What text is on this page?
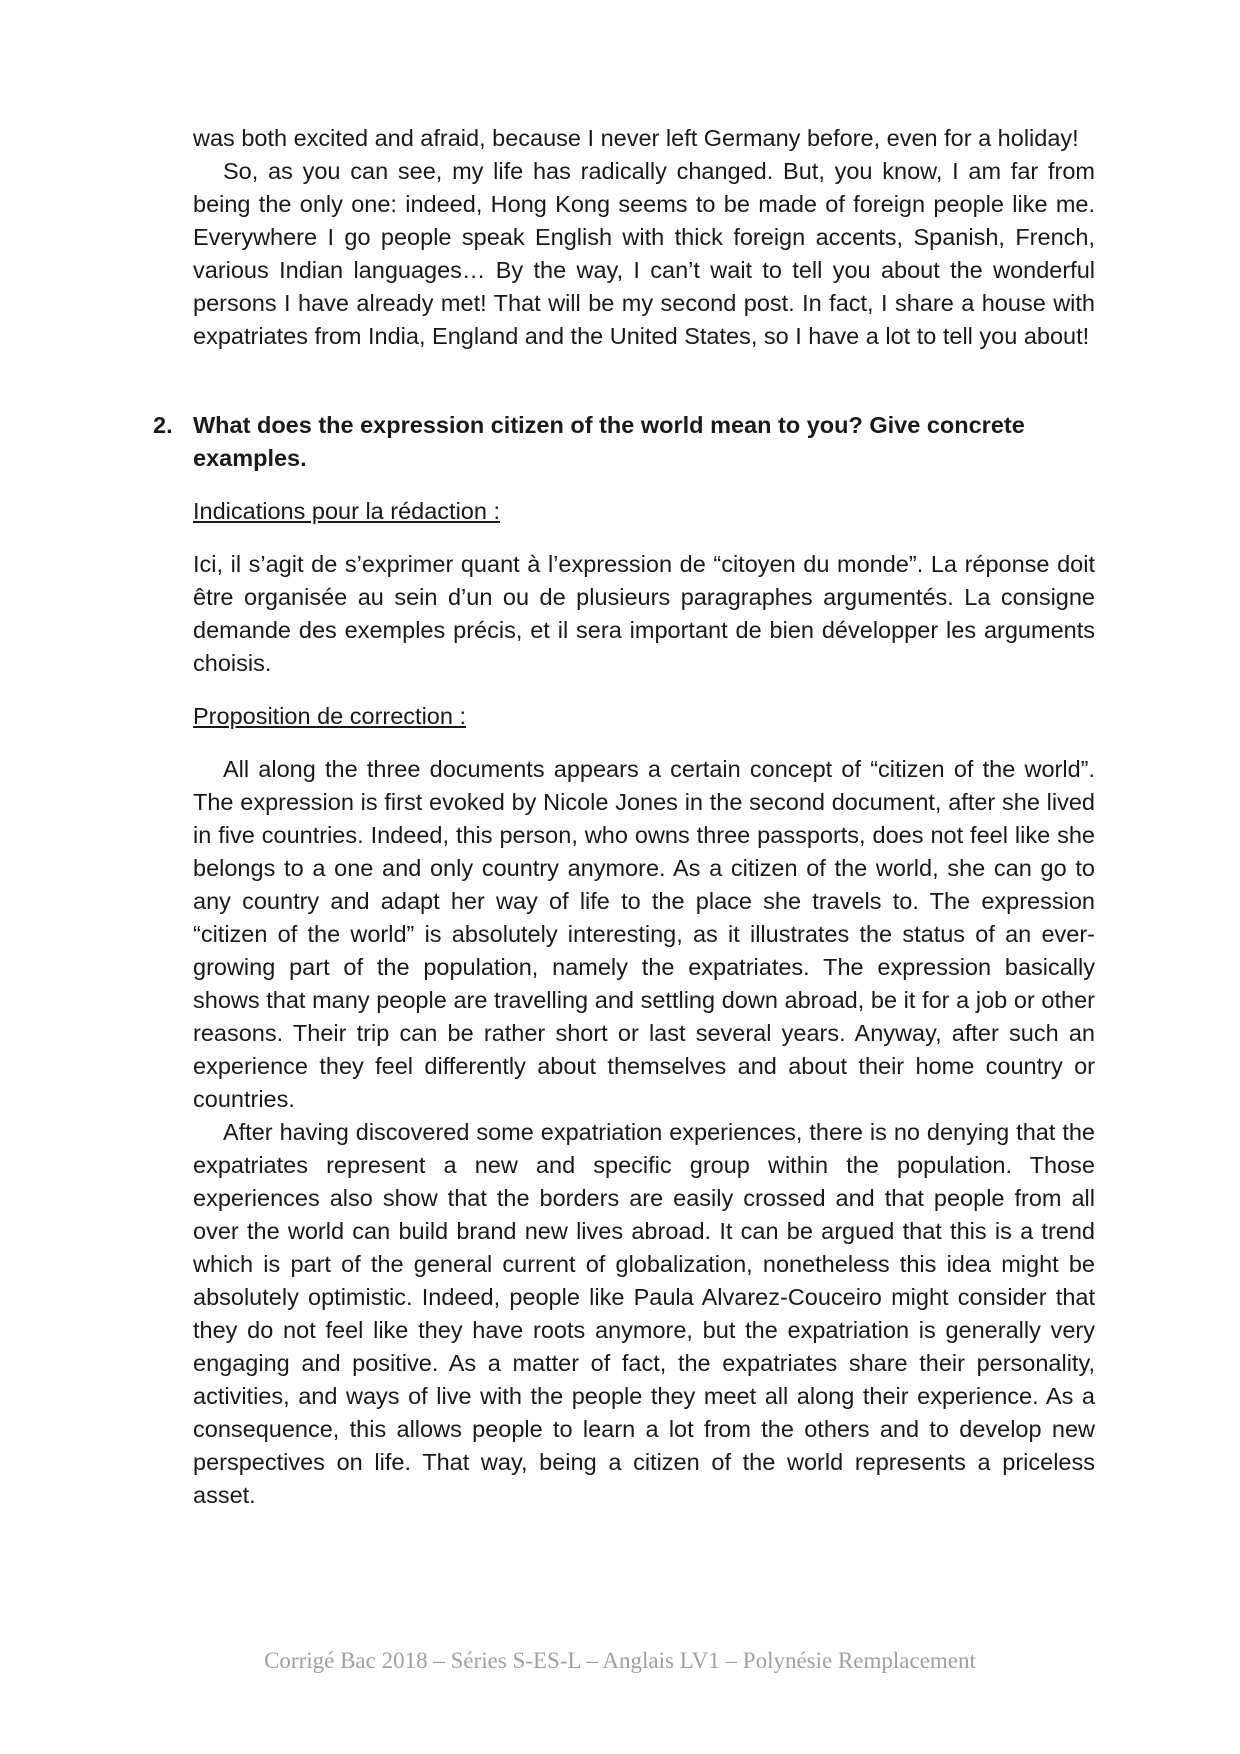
was both excited and afraid, because I never left Germany before, even for a holiday!

So, as you can see, my life has radically changed. But, you know, I am far from being the only one: indeed, Hong Kong seems to be made of foreign people like me. Everywhere I go people speak English with thick foreign accents, Spanish, French, various Indian languages… By the way, I can’t wait to tell you about the wonderful persons I have already met! That will be my second post. In fact, I share a house with expatriates from India, England and the United States, so I have a lot to tell you about!

2. What does the expression citizen of the world mean to you? Give concrete examples.

Indications pour la rédaction :

Ici, il s’agit de s’exprimer quant à l’expression de “citoyen du monde”. La réponse doit être organisée au sein d’un ou de plusieurs paragraphes argumentés. La consigne demande des exemples précis, et il sera important de bien développer les arguments choisis.

Proposition de correction :

All along the three documents appears a certain concept of “citizen of the world”. The expression is first evoked by Nicole Jones in the second document, after she lived in five countries. Indeed, this person, who owns three passports, does not feel like she belongs to a one and only country anymore. As a citizen of the world, she can go to any country and adapt her way of life to the place she travels to. The expression “citizen of the world” is absolutely interesting, as it illustrates the status of an ever-growing part of the population, namely the expatriates. The expression basically shows that many people are travelling and settling down abroad, be it for a job or other reasons. Their trip can be rather short or last several years. Anyway, after such an experience they feel differently about themselves and about their home country or countries.

After having discovered some expatriation experiences, there is no denying that the expatriates represent a new and specific group within the population. Those experiences also show that the borders are easily crossed and that people from all over the world can build brand new lives abroad. It can be argued that this is a trend which is part of the general current of globalization, nonetheless this idea might be absolutely optimistic. Indeed, people like Paula Alvarez-Couceiro might consider that they do not feel like they have roots anymore, but the expatriation is generally very engaging and positive. As a matter of fact, the expatriates share their personality, activities, and ways of live with the people they meet all along their experience. As a consequence, this allows people to learn a lot from the others and to develop new perspectives on life. That way, being a citizen of the world represents a priceless asset.

Corrigé Bac 2018 – Séries S-ES-L – Anglais LV1 – Polynésie Remplacement
